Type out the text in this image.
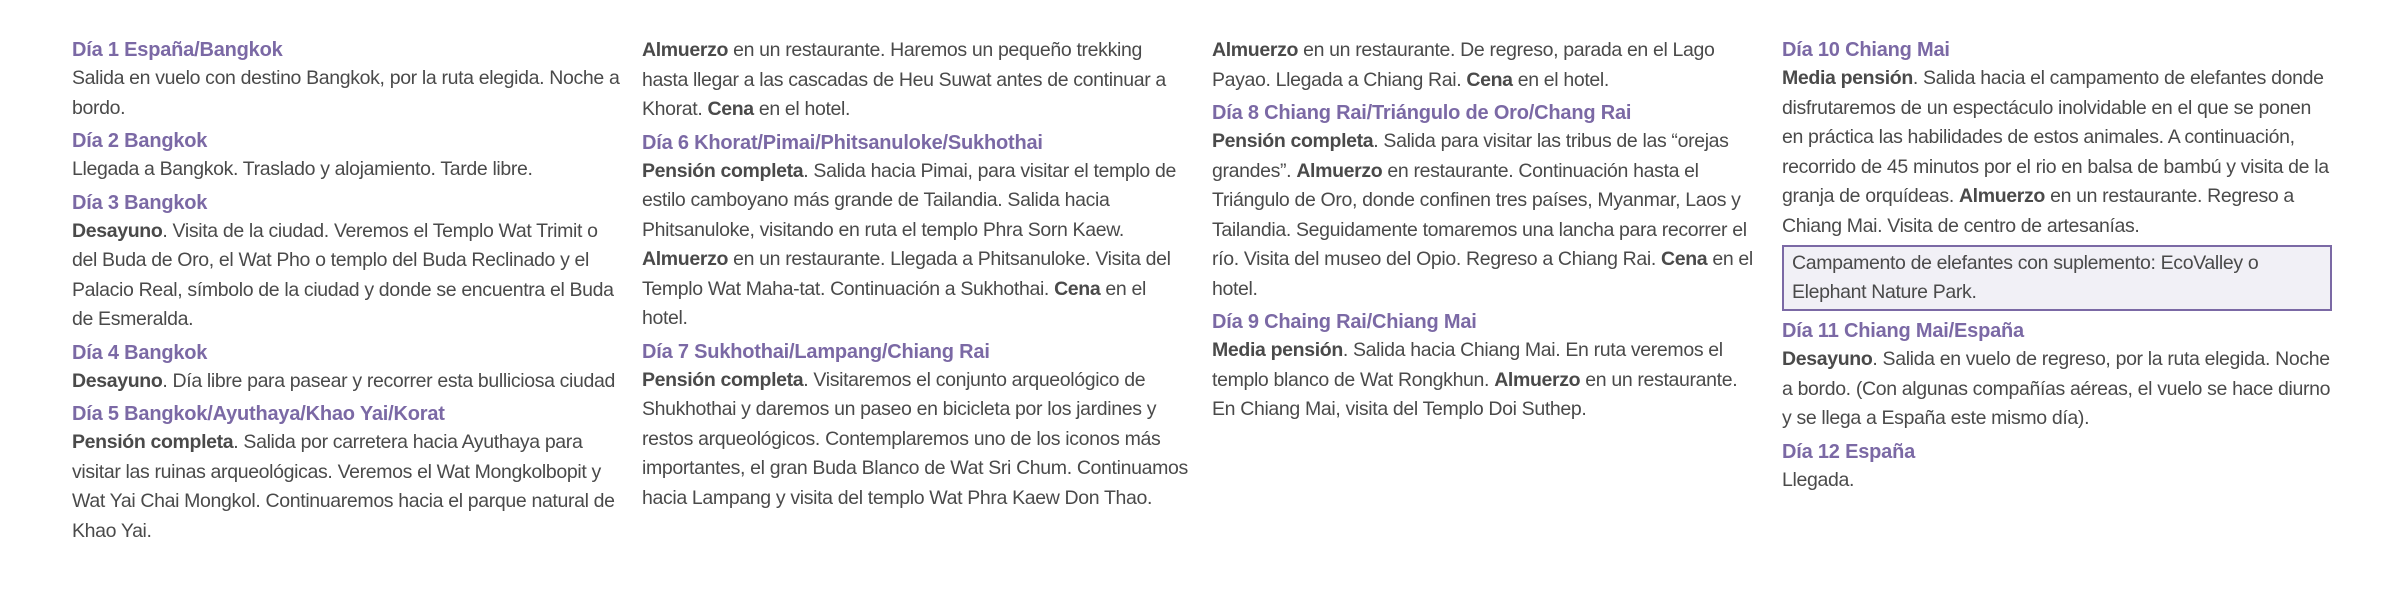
Día 1 España/Bangkok

Salida en vuelo con destino Bangkok, por la ruta elegida. Noche a bordo.

Día 2 Bangkok

Llegada a Bangkok. Traslado y alojamiento. Tarde libre.

Día 3 Bangkok

Desayuno. Visita de la ciudad. Veremos el Templo Wat Trimit o del Buda de Oro, el Wat Pho o templo del Buda Reclinado y el Palacio Real, símbolo de la ciudad y donde se encuentra el Buda de Esmeralda.

Día 4 Bangkok

Desayuno. Día libre para pasear y recorrer esta bulliciosa ciudad

Día 5 Bangkok/Ayuthaya/Khao Yai/Korat

Pensión completa. Salida por carretera hacia Ayuthaya para visitar las ruinas arqueológicas. Veremos el Wat Mongkolbopit y Wat Yai Chai Mongkol. Continuaremos hacia el parque natural de Khao Yai.

Almuerzo en un restaurante. Haremos un pequeño trekking hasta llegar a las cascadas de Heu Suwat antes de continuar a Khorat. Cena en el hotel.

Día 6 Khorat/Pimai/Phitsanuloke/Sukhothai

Pensión completa. Salida hacia Pimai, para visitar el templo de estilo camboyano más grande de Tailandia. Salida hacia Phitsanuloke, visitando en ruta el templo Phra Sorn Kaew. Almuerzo en un restaurante. Llegada a Phitsanuloke. Visita del Templo Wat Maha-tat. Continuación a Sukhothai. Cena en el hotel.

Día 7 Sukhothai/Lampang/Chiang Rai

Pensión completa. Visitaremos el conjunto arqueológico de Shukhothai y daremos un paseo en bicicleta por los jardines y restos arqueológicos. Contemplaremos uno de los iconos más importantes, el gran Buda Blanco de Wat Sri Chum. Continuamos hacia Lampang y visita del templo Wat Phra Kaew Don Thao.

Almuerzo en un restaurante. De regreso, parada en el Lago Payao. Llegada a Chiang Rai. Cena en el hotel.

Día 8 Chiang Rai/Triángulo de Oro/Chang Rai

Pensión completa. Salida para visitar las tribus de las “orejas grandes”. Almuerzo en restaurante. Continuación hasta el Triángulo de Oro, donde confinen tres países, Myanmar, Laos y Tailandia. Seguidamente tomaremos una lancha para recorrer el río. Visita del museo del Opio. Regreso a Chiang Rai. Cena en el hotel.

Día 9 Chaing Rai/Chiang Mai

Media pensión. Salida hacia Chiang Mai. En ruta veremos el templo blanco de Wat Rongkhun. Almuerzo en un restaurante. En Chiang Mai, visita del Templo Doi Suthep.

Día 10 Chiang Mai

Media pensión. Salida hacia el campamento de elefantes donde disfrutaremos de un espectáculo inolvidable en el que se ponen en práctica las habilidades de estos animales. A continuación, recorrido de 45 minutos por el rio en balsa de bambú y visita de la granja de orquídeas. Almuerzo en un restaurante. Regreso a Chiang Mai. Visita de centro de artesanías.

Campamento de elefantes con suplemento: EcoValley o Elephant Nature Park.
Día 11 Chiang Mai/España

Desayuno. Salida en vuelo de regreso, por la ruta elegida. Noche a bordo. (Con algunas compañías aéreas, el vuelo se hace diurno y se llega a España este mismo día).

Día 12 España

Llegada.
